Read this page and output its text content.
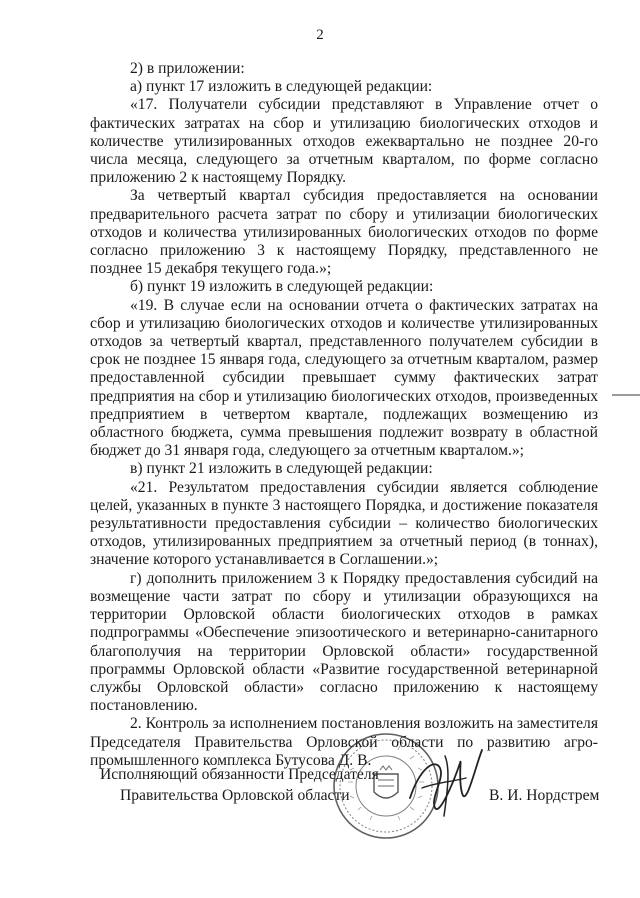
2

2) в приложении:

а) пункт 17 изложить в следующей редакции:

«17. Получатели субсидии представляют в Управление отчет о фактических затратах на сбор и утилизацию биологических отходов и количестве утилизированных отходов ежеквартально не позднее 20-го числа месяца, следующего за отчетным кварталом, по форме согласно приложению 2 к настоящему Порядку.

За четвертый квартал субсидия предоставляется на основании предварительного расчета затрат по сбору и утилизации биологических отходов и количества утилизированных биологических отходов по форме согласно приложению 3 к настоящему Порядку, представленного не позднее 15 декабря текущего года.»;

б) пункт 19 изложить в следующей редакции:

«19. В случае если на основании отчета о фактических затратах на сбор и утилизацию биологических отходов и количестве утилизированных отходов за четвертый квартал, представленного получателем субсидии в срок не позднее 15 января года, следующего за отчетным кварталом, размер предоставленной субсидии превышает сумму фактических затрат предприятия на сбор и утилизацию биологических отходов, произведенных предприятием в четвертом квартале, подлежащих возмещению из областного бюджета, сумма превышения подлежит возврату в областной бюджет до 31 января года, следующего за отчетным кварталом.»;

в) пункт 21 изложить в следующей редакции:

«21. Результатом предоставления субсидии является соблюдение целей, указанных в пункте 3 настоящего Порядка, и достижение показателя результативности предоставления субсидии – количество биологических отходов, утилизированных предприятием за отчетный период (в тоннах), значение которого устанавливается в Соглашении.»;

г) дополнить приложением 3 к Порядку предоставления субсидий на возмещение части затрат по сбору и утилизации образующихся на территории Орловской области биологических отходов в рамках подпрограммы «Обеспечение эпизоотического и ветеринарно-санитарного благополучия на территории Орловской области» государственной программы Орловской области «Развитие государственной ветеринарной службы Орловской области» согласно приложению к настоящему постановлению.

2. Контроль за исполнением постановления возложить на заместителя Председателя Правительства Орловской области по развитию агро-промышленного комплекса Бутусова Д. В.

Исполняющий обязанности Председателя
Правительства Орловской области	В. И. Нордстрем
